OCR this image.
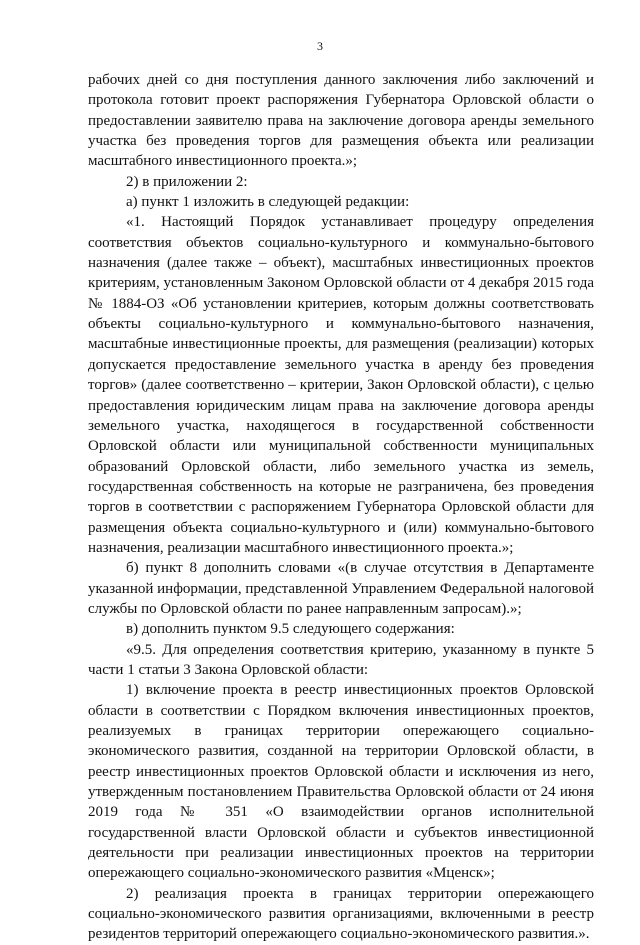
3

рабочих дней со дня поступления данного заключения либо заключений и протокола готовит проект распоряжения Губернатора Орловской области о предоставлении заявителю права на заключение договора аренды земельного участка без проведения торгов для размещения объекта или реализации масштабного инвестиционного проекта.»;

2) в приложении 2:

а) пункт 1 изложить в следующей редакции:

«1. Настоящий Порядок устанавливает процедуру определения соответствия объектов социально-культурного и коммунально-бытового назначения (далее также – объект), масштабных инвестиционных проектов критериям, установленным Законом Орловской области от 4 декабря 2015 года № 1884-ОЗ «Об установлении критериев, которым должны соответствовать объекты социально-культурного и коммунально-бытового назначения, масштабные инвестиционные проекты, для размещения (реализации) которых допускается предоставление земельного участка в аренду без проведения торгов» (далее соответственно – критерии, Закон Орловской области), с целью предоставления юридическим лицам права на заключение договора аренды земельного участка, находящегося в государственной собственности Орловской области или муниципальной собственности муниципальных образований Орловской области, либо земельного участка из земель, государственная собственность на которые не разграничена, без проведения торгов в соответствии с распоряжением Губернатора Орловской области для размещения объекта социально-культурного и (или) коммунально-бытового назначения, реализации масштабного инвестиционного проекта.»;

б) пункт 8 дополнить словами «(в случае отсутствия в Департаменте указанной информации, представленной Управлением Федеральной налоговой службы по Орловской области по ранее направленным запросам).»;

в) дополнить пунктом 9.5 следующего содержания:

«9.5. Для определения соответствия критерию, указанному в пункте 5 части 1 статьи 3 Закона Орловской области:

1) включение проекта в реестр инвестиционных проектов Орловской области в соответствии с Порядком включения инвестиционных проектов, реализуемых в границах территории опережающего социально-экономического развития, созданной на территории Орловской области, в реестр инвестиционных проектов Орловской области и исключения из него, утвержденным постановлением Правительства Орловской области от 24 июня 2019 года № 351 «О взаимодействии органов исполнительной государственной власти Орловской области и субъектов инвестиционной деятельности при реализации инвестиционных проектов на территории опережающего социально-экономического развития «Мценск»;

2) реализация проекта в границах территории опережающего социально-экономического развития организациями, включенными в реестр резидентов территорий опережающего социально-экономического развития.».
